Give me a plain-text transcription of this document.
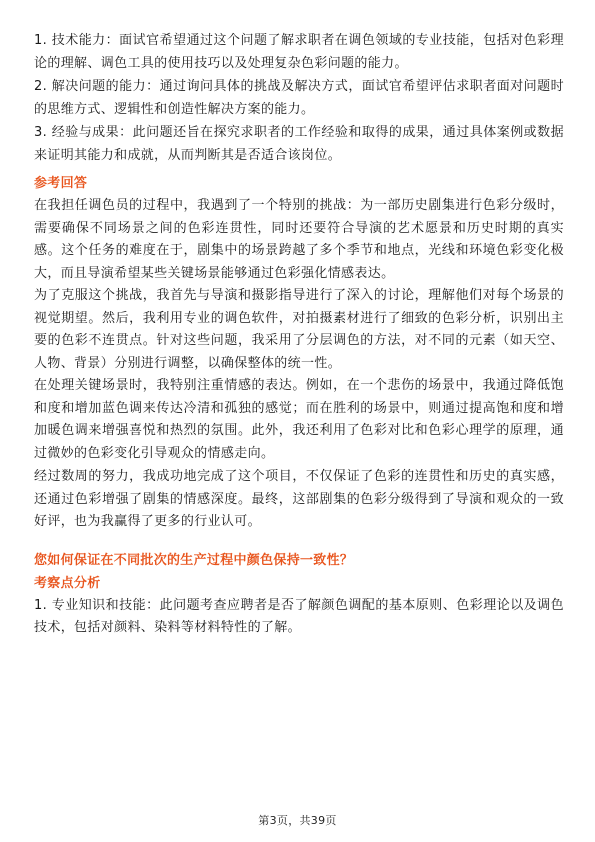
1. 技术能力：面试官希望通过这个问题了解求职者在调色领域的专业技能，包括对色彩理论的理解、调色工具的使用技巧以及处理复杂色彩问题的能力。

2. 解决问题的能力：通过询问具体的挑战及解决方式，面试官希望评估求职者面对问题时的思维方式、逻辑性和创造性解决方案的能力。

3. 经验与成果：此问题还旨在探究求职者的工作经验和取得的成果，通过具体案例或数据来证明其能力和成就，从而判断其是否适合该岗位。

参考回答

在我担任调色员的过程中，我遇到了一个特别的挑战：为一部历史剧集进行色彩分级时，需要确保不同场景之间的色彩连贯性，同时还要符合导演的艺术愿景和历史时期的真实感。这个任务的难度在于，剧集中的场景跨越了多个季节和地点，光线和环境色彩变化极大，而且导演希望某些关键场景能够通过色彩强化情感表达。

为了克服这个挑战，我首先与导演和摄影指导进行了深入的讨论，理解他们对每个场景的视觉期望。然后，我利用专业的调色软件，对拍摄素材进行了细致的色彩分析，识别出主要的色彩不连贯点。针对这些问题，我采用了分层调色的方法，对不同的元素（如天空、人物、背景）分别进行调整，以确保整体的统一性。

在处理关键场景时，我特别注重情感的表达。例如，在一个悲伤的场景中，我通过降低饱和度和增加蓝色调来传达冷清和孤独的感觉；而在胜利的场景中，则通过提高饱和度和增加暖色调来增强喜悦和热烈的氛围。此外，我还利用了色彩对比和色彩心理学的原理，通过微妙的色彩变化引导观众的情感走向。

经过数周的努力，我成功地完成了这个项目，不仅保证了色彩的连贯性和历史的真实感，还通过色彩增强了剧集的情感深度。最终，这部剧集的色彩分级得到了导演和观众的一致好评，也为我赢得了更多的行业认可。

您如何保证在不同批次的生产过程中颜色保持一致性？

考察点分析

1. 专业知识和技能：此问题考查应聘者是否了解颜色调配的基本原则、色彩理论以及调色技术，包括对颜料、染料等材料特性的了解。

第3页，共39页
